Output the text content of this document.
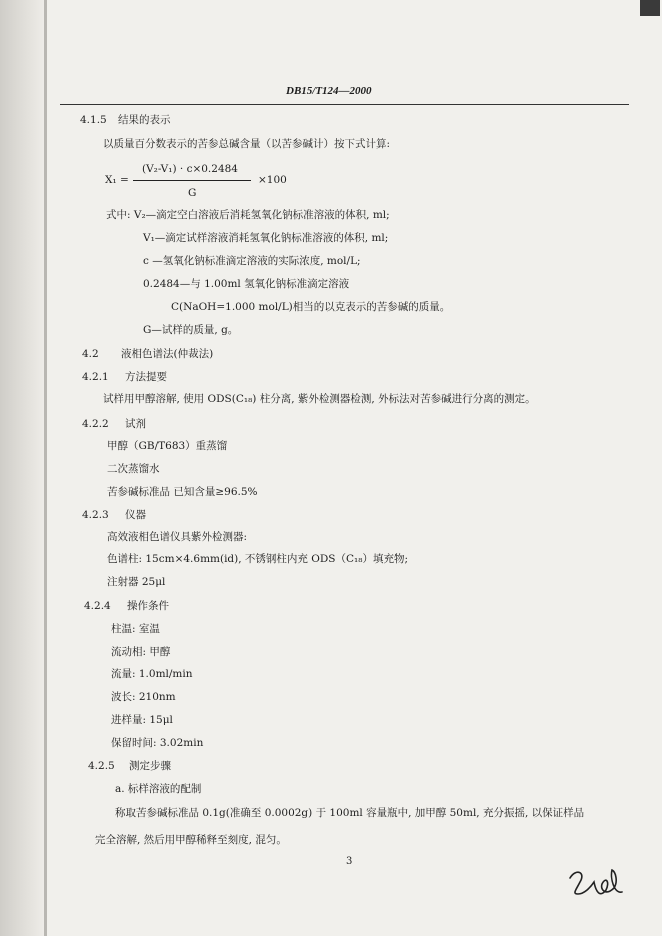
DB15/T124—2000
4.1.5 结果的表示
以质量百分数表示的苦参总碱含量（以苦参碱计）按下式计算:
X₁ =
(V₂-V₁) · c×0.2484
G
×100
式中: V₂—滴定空白溶液后消耗氢氧化钠标准溶液的体积, ml;
V₁—滴定试样溶液消耗氢氧化钠标准溶液的体积, ml;
c —氢氧化钠标准滴定溶液的实际浓度, mol/L;
0.2484—与 1.00ml 氢氧化钠标准滴定溶液
C(NaOH=1.000 mol/L)相当的以克表示的苦参碱的质量。
G—试样的质量, g。
4.2 液相色谱法(仲裁法)
4.2.1 方法提要
试样用甲醇溶解, 使用 ODS(C₁₈) 柱分离, 紫外检测器检测, 外标法对苦参碱进行分离的测定。
4.2.2 试剂
甲醇（GB/T683）重蒸馏
二次蒸馏水
苦参碱标准品 已知含量≥96.5%
4.2.3 仪器
高效液相色谱仪具紫外检测器:
色谱柱: 15cm×4.6mm(id), 不锈钢柱内充 ODS（C₁₈）填充物;
注射器 25μl
4.2.4 操作条件
柱温: 室温
流动相: 甲醇
流量: 1.0ml/min
波长: 210nm
进样量: 15μl
保留时间: 3.02min
4.2.5 测定步骤
a. 标样溶液的配制
称取苦参碱标准品 0.1g(准确至 0.0002g) 于 100ml 容量瓶中, 加甲醇 50ml, 充分振摇, 以保证样品
完全溶解, 然后用甲醇稀释至刻度, 混匀。
3
